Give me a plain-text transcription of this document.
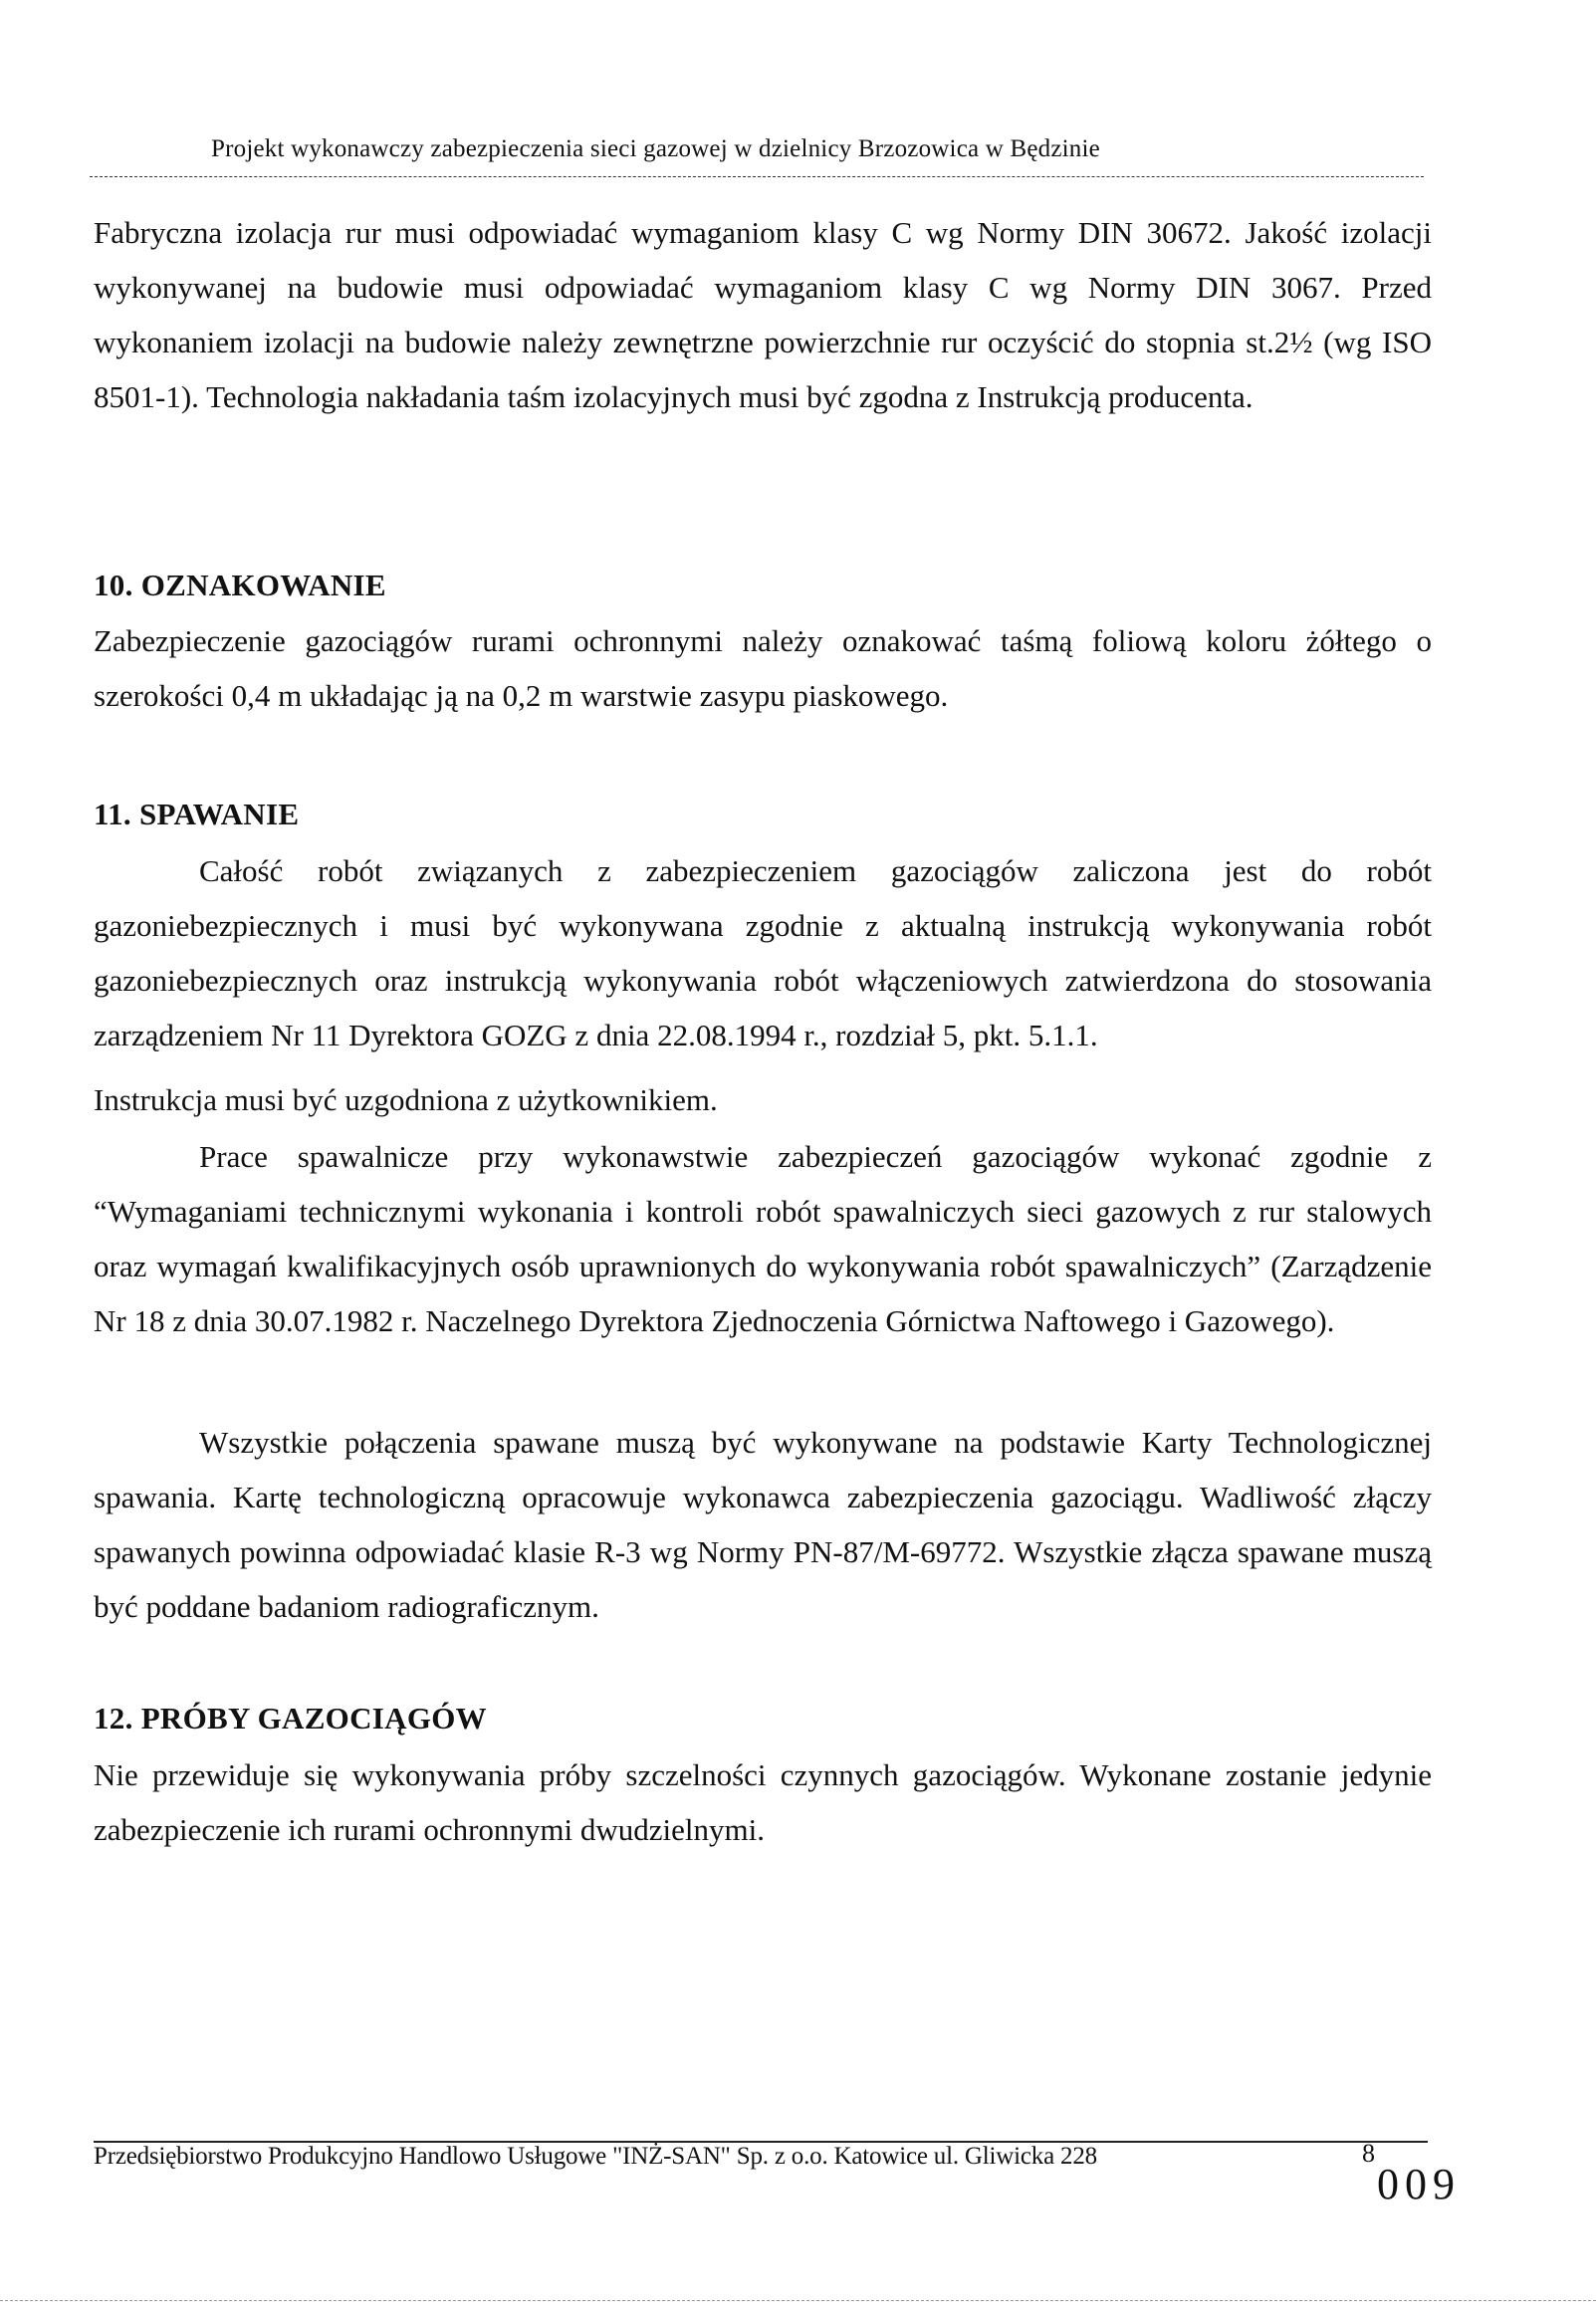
Projekt wykonawczy zabezpieczenia sieci gazowej w dzielnicy Brzozowica w Będzinie

Fabryczna izolacja rur musi odpowiadać wymaganiom klasy C wg Normy DIN 30672. Jakość izolacji wykonywanej na budowie musi odpowiadać wymaganiom klasy C wg Normy DIN 3067. Przed wykonaniem izolacji na budowie należy zewnętrzne powierzchnie rur oczyścić do stopnia st.2½ (wg ISO 8501-1). Technologia nakładania taśm izolacyjnych musi być zgodna z Instrukcją producenta.

10. OZNAKOWANIE

Zabezpieczenie gazociągów rurami ochronnymi należy oznakować taśmą foliową koloru żółtego o szerokości 0,4 m układając ją na 0,2 m warstwie zasypu piaskowego.

11. SPAWANIE

Całość robót związanych z zabezpieczeniem gazociągów zaliczona jest do robót gazoniebezpiecznych i musi być wykonywana zgodnie z aktualną instrukcją wykonywania robót gazoniebezpiecznych oraz instrukcją wykonywania robót włączeniowych zatwierdzona do stosowania zarządzeniem Nr 11 Dyrektora GOZG z dnia 22.08.1994 r., rozdział 5, pkt. 5.1.1.

Instrukcja musi być uzgodniona z użytkownikiem.

Prace spawalnicze przy wykonawstwie zabezpieczeń gazociągów wykonać zgodnie z “Wymaganiami technicznymi wykonania i kontroli robót spawalniczych sieci gazowych z rur stalowych oraz wymagań kwalifikacyjnych osób uprawnionych do wykonywania robót spawalniczych” (Zarządzenie Nr 18 z dnia 30.07.1982 r. Naczelnego Dyrektora Zjednoczenia Górnictwa Naftowego i Gazowego).

Wszystkie połączenia spawane muszą być wykonywane na podstawie Karty Technologicznej spawania. Kartę technologiczną opracowuje wykonawca zabezpieczenia gazociągu. Wadliwość złączy spawanych powinna odpowiadać klasie R-3 wg Normy PN-87/M-69772. Wszystkie złącza spawane muszą być poddane badaniom radiograficznym.

12. PRÓBY GAZOCIĄGÓW

Nie przewiduje się wykonywania próby szczelności czynnych gazociągów. Wykonane zostanie jedynie zabezpieczenie ich rurami ochronnymi dwudzielnymi.

Przedsiębiorstwo Produkcyjno Handlowo Usługowe "INŻ-SAN" Sp. z o.o. Katowice ul. Gliwicka 228	8
009
